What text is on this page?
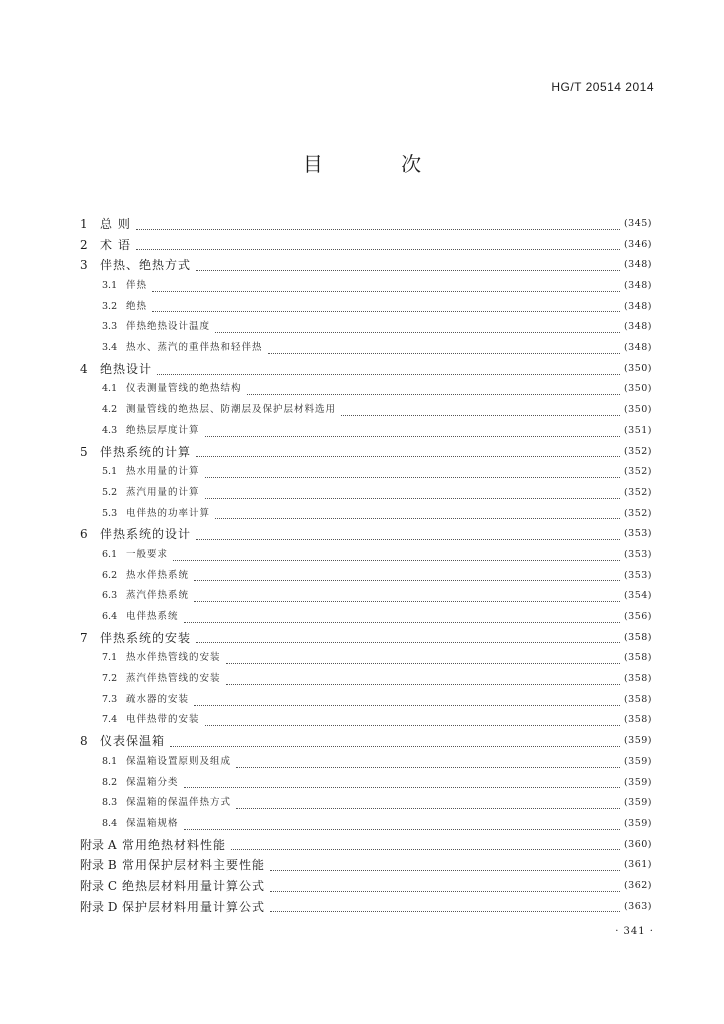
HG/T 20514 2014
目 次
1	总 则	(345)
2	术 语	(346)
3	伴热、绝热方式	(348)
3.1 伴热	(348)
3.2 绝热	(348)
3.3 伴热绝热设计温度	(348)
3.4 热水、蒸汽的重伴热和轻伴热	(348)
4	绝热设计	(350)
4.1 仪表测量管线的绝热结构	(350)
4.2 测量管线的绝热层、防潮层及保护层材料选用	(350)
4.3 绝热层厚度计算	(351)
5	伴热系统的计算	(352)
5.1 热水用量的计算	(352)
5.2 蒸汽用量的计算	(352)
5.3 电伴热的功率计算	(352)
6	伴热系统的设计	(353)
6.1 一般要求	(353)
6.2 热水伴热系统	(353)
6.3 蒸汽伴热系统	(354)
6.4 电伴热系统	(356)
7	伴热系统的安装	(358)
7.1 热水伴热管线的安装	(358)
7.2 蒸汽伴热管线的安装	(358)
7.3 疏水器的安装	(358)
7.4 电伴热带的安装	(358)
8	仪表保温箱	(359)
8.1 保温箱设置原则及组成	(359)
8.2 保温箱分类	(359)
8.3 保温箱的保温伴热方式	(359)
8.4 保温箱规格	(359)
附录 A 常用绝热材料性能	(360)
附录 B 常用保护层材料主要性能	(361)
附录 C 绝热层材料用量计算公式	(362)
附录 D 保护层材料用量计算公式	(363)
· 341 ·
